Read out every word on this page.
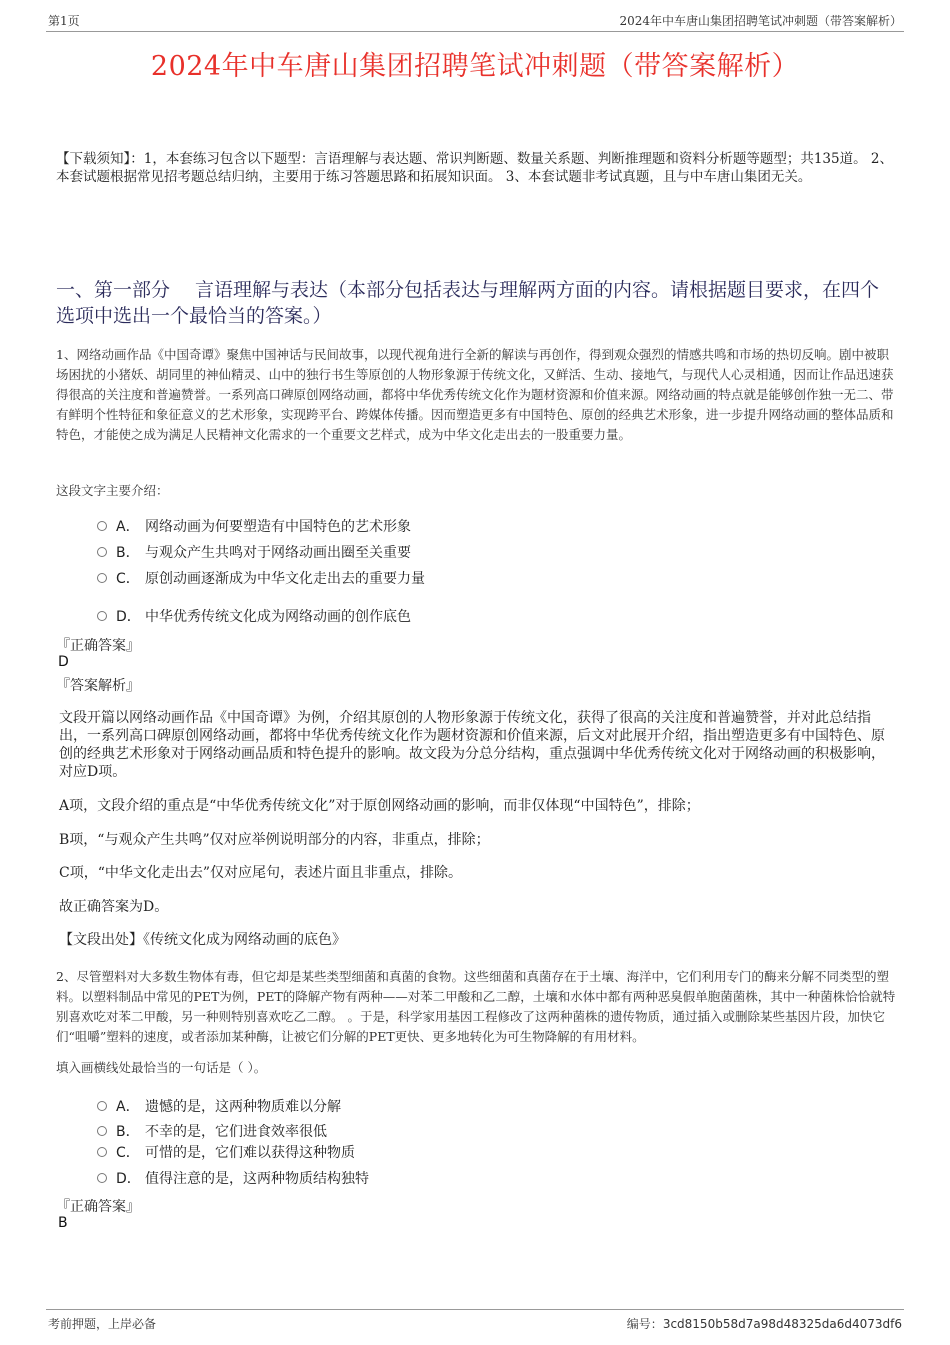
第1页	2024年中车唐山集团招聘笔试冲刺题（带答案解析）
2024年中车唐山集团招聘笔试冲刺题（带答案解析）
【下载须知】：1，本套练习包含以下题型：言语理解与表达题、常识判断题、数量关系题、判断推理题和资料分析题等题型；共135道。 2、本套试题根据常见招考题总结归纳，主要用于练习答题思路和拓展知识面。 3、本套试题非考试真题，且与中车唐山集团无关。
一、第一部分　 言语理解与表达（本部分包括表达与理解两方面的内容。请根据题目要求，在四个选项中选出一个最恰当的答案。）
1、网络动画作品《中国奇谭》聚焦中国神话与民间故事，以现代视角进行全新的解读与再创作，得到观众强烈的情感共鸣和市场的热切反响。剧中被职场困扰的小猪妖、胡同里的神仙精灵、山中的独行书生等原创的人物形象源于传统文化，又鲜活、生动、接地气，与现代人心灵相通，因而让作品迅速获得很高的关注度和普遍赞誉。一系列高口碑原创网络动画，都将中华优秀传统文化作为题材资源和价值来源。网络动画的特点就是能够创作独一无二、带有鲜明个性特征和象征意义的艺术形象，实现跨平台、跨媒体传播。因而塑造更多有中国特色、原创的经典艺术形象，进一步提升网络动画的整体品质和特色，才能使之成为满足人民精神文化需求的一个重要文艺样式，成为中华文化走出去的一股重要力量。
这段文字主要介绍：
A． 网络动画为何要塑造有中国特色的艺术形象
B． 与观众产生共鸣对于网络动画出圈至关重要
C． 原创动画逐渐成为中华文化走出去的重要力量
D． 中华优秀传统文化成为网络动画的创作底色
『正确答案』
D
『答案解析』
文段开篇以网络动画作品《中国奇谭》为例，介绍其原创的人物形象源于传统文化，获得了很高的关注度和普遍赞誉，并对此总结指出，一系列高口碑原创网络动画，都将中华优秀传统文化作为题材资源和价值来源，后文对此展开介绍，指出塑造更多有中国特色、原创的经典艺术形象对于网络动画品质和特色提升的影响。故文段为分总分结构，重点强调中华优秀传统文化对于网络动画的积极影响，对应D项。
A项，文段介绍的重点是“中华优秀传统文化”对于原创网络动画的影响，而非仅体现“中国特色”，排除；
B项，“与观众产生共鸣”仅对应举例说明部分的内容，非重点，排除；
C项，“中华文化走出去”仅对应尾句，表述片面且非重点，排除。
故正确答案为D。
【文段出处】《传统文化成为网络动画的底色》
2、尽管塑料对大多数生物体有毒，但它却是某些类型细菌和真菌的食物。这些细菌和真菌存在于土壤、海洋中，它们利用专门的酶来分解不同类型的塑料。以塑料制品中常见的PET为例，PET的降解产物有两种——对苯二甲酸和乙二醇，土壤和水体中都有两种恶臭假单胞菌菌株，其中一种菌株恰恰就特别喜欢吃对苯二甲酸，另一种则特别喜欢吃乙二醇。 。于是，科学家用基因工程修改了这两种菌株的遗传物质，通过插入或删除某些基因片段，加快它们“咀嚼”塑料的速度，或者添加某种酶，让被它们分解的PET更快、更多地转化为可生物降解的有用材料。
填入画横线处最恰当的一句话是（ ）。
A． 遗憾的是，这两种物质难以分解
B． 不幸的是，它们进食效率很低
C． 可惜的是，它们难以获得这种物质
D． 值得注意的是，这两种物质结构独特
『正确答案』
B
考前押题，上岸必备	编号：3cd8150b58d7a98d48325da6d4073df6
